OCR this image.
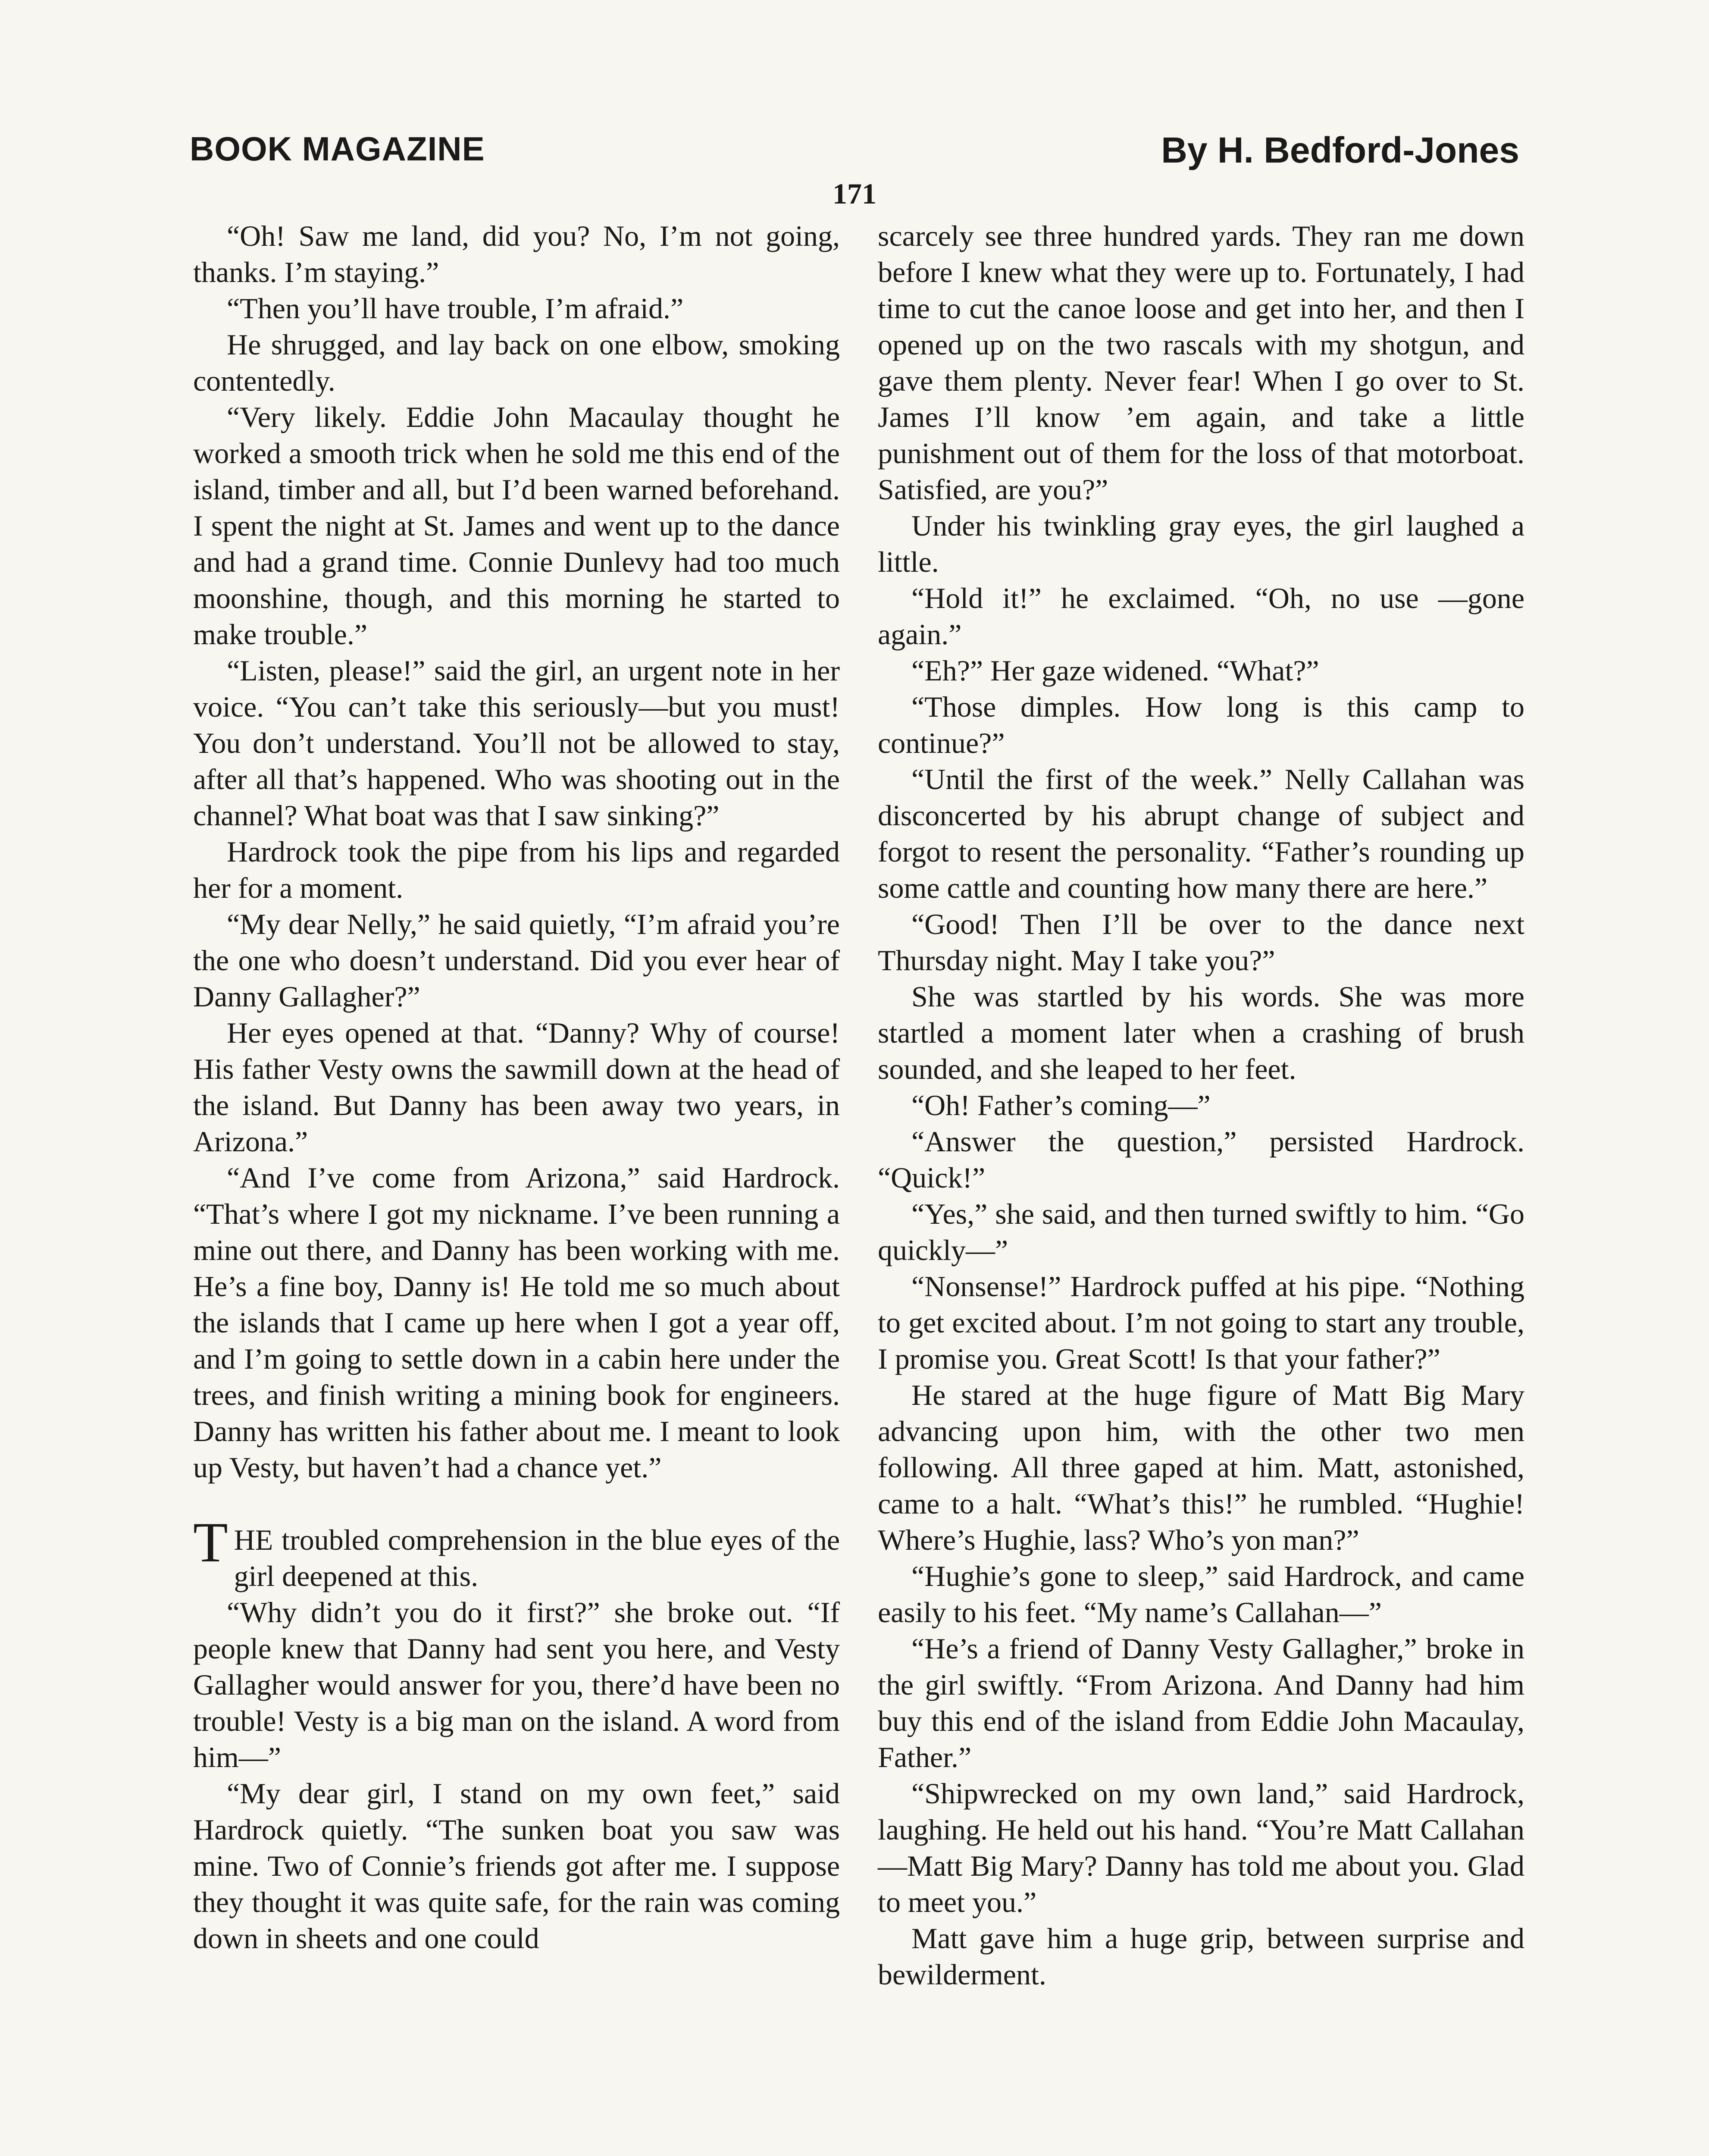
BOOK MAGAZINE	By H. Bedford-Jones
171

“Oh! Saw me land, did you? No, I’m not going, thanks. I’m staying.”

“Then you’ll have trouble, I’m afraid.”

He shrugged, and lay back on one elbow, smoking contentedly.

“Very likely. Eddie John Macaulay thought he worked a smooth trick when he sold me this end of the island, timber and all, but I’d been warned beforehand. I spent the night at St. James and went up to the dance and had a grand time. Connie Dunlevy had too much moonshine, though, and this morning he started to make trouble.”

“Listen, please!” said the girl, an urgent note in her voice. “You can’t take this seriously—but you must! You don’t understand. You’ll not be allowed to stay, after all that’s happened. Who was shooting out in the channel? What boat was that I saw sinking?”

Hardrock took the pipe from his lips and regarded her for a moment.

“My dear Nelly,” he said quietly, “I’m afraid you’re the one who doesn’t understand. Did you ever hear of Danny Gallagher?”

Her eyes opened at that. “Danny? Why of course! His father Vesty owns the sawmill down at the head of the island. But Danny has been away two years, in Arizona.”

“And I’ve come from Arizona,” said Hardrock. “That’s where I got my nickname. I’ve been running a mine out there, and Danny has been working with me. He’s a fine boy, Danny is! He told me so much about the islands that I came up here when I got a year off, and I’m going to settle down in a cabin here under the trees, and finish writing a mining book for engineers. Danny has written his father about me. I meant to look up Vesty, but haven’t had a chance yet.”

THE troubled comprehension in the blue eyes of the girl deepened at this.

“Why didn’t you do it first?” she broke out. “If people knew that Danny had sent you here, and Vesty Gallagher would answer for you, there’d have been no trouble! Vesty is a big man on the island. A word from him—”

“My dear girl, I stand on my own feet,” said Hardrock quietly. “The sunken boat you saw was mine. Two of Connie’s friends got after me. I suppose they thought it was quite safe, for the rain was coming down in sheets and one could

scarcely see three hundred yards. They ran me down before I knew what they were up to. Fortunately, I had time to cut the canoe loose and get into her, and then I opened up on the two rascals with my shotgun, and gave them plenty. Never fear! When I go over to St. James I’ll know ’em again, and take a little punishment out of them for the loss of that motorboat. Satisfied, are you?”

Under his twinkling gray eyes, the girl laughed a little.

“Hold it!” he exclaimed. “Oh, no use —gone again.”

“Eh?” Her gaze widened. “What?”

“Those dimples. How long is this camp to continue?”

“Until the first of the week.” Nelly Callahan was disconcerted by his abrupt change of subject and forgot to resent the personality. “Father’s rounding up some cattle and counting how many there are here.”

“Good! Then I’ll be over to the dance next Thursday night. May I take you?”

She was startled by his words. She was more startled a moment later when a crashing of brush sounded, and she leaped to her feet.

“Oh! Father’s coming—”

“Answer the question,” persisted Hardrock. “Quick!”

“Yes,” she said, and then turned swiftly to him. “Go quickly—”

“Nonsense!” Hardrock puffed at his pipe. “Nothing to get excited about. I’m not going to start any trouble, I promise you. Great Scott! Is that your father?”

He stared at the huge figure of Matt Big Mary advancing upon him, with the other two men following. All three gaped at him. Matt, astonished, came to a halt. “What’s this!” he rumbled. “Hughie! Where’s Hughie, lass? Who’s yon man?”

“Hughie’s gone to sleep,” said Hardrock, and came easily to his feet. “My name’s Callahan—”

“He’s a friend of Danny Vesty Gallagher,” broke in the girl swiftly. “From Arizona. And Danny had him buy this end of the island from Eddie John Macaulay, Father.”

“Shipwrecked on my own land,” said Hardrock, laughing. He held out his hand. “You’re Matt Callahan—Matt Big Mary? Danny has told me about you. Glad to meet you.”

Matt gave him a huge grip, between surprise and bewilderment.
